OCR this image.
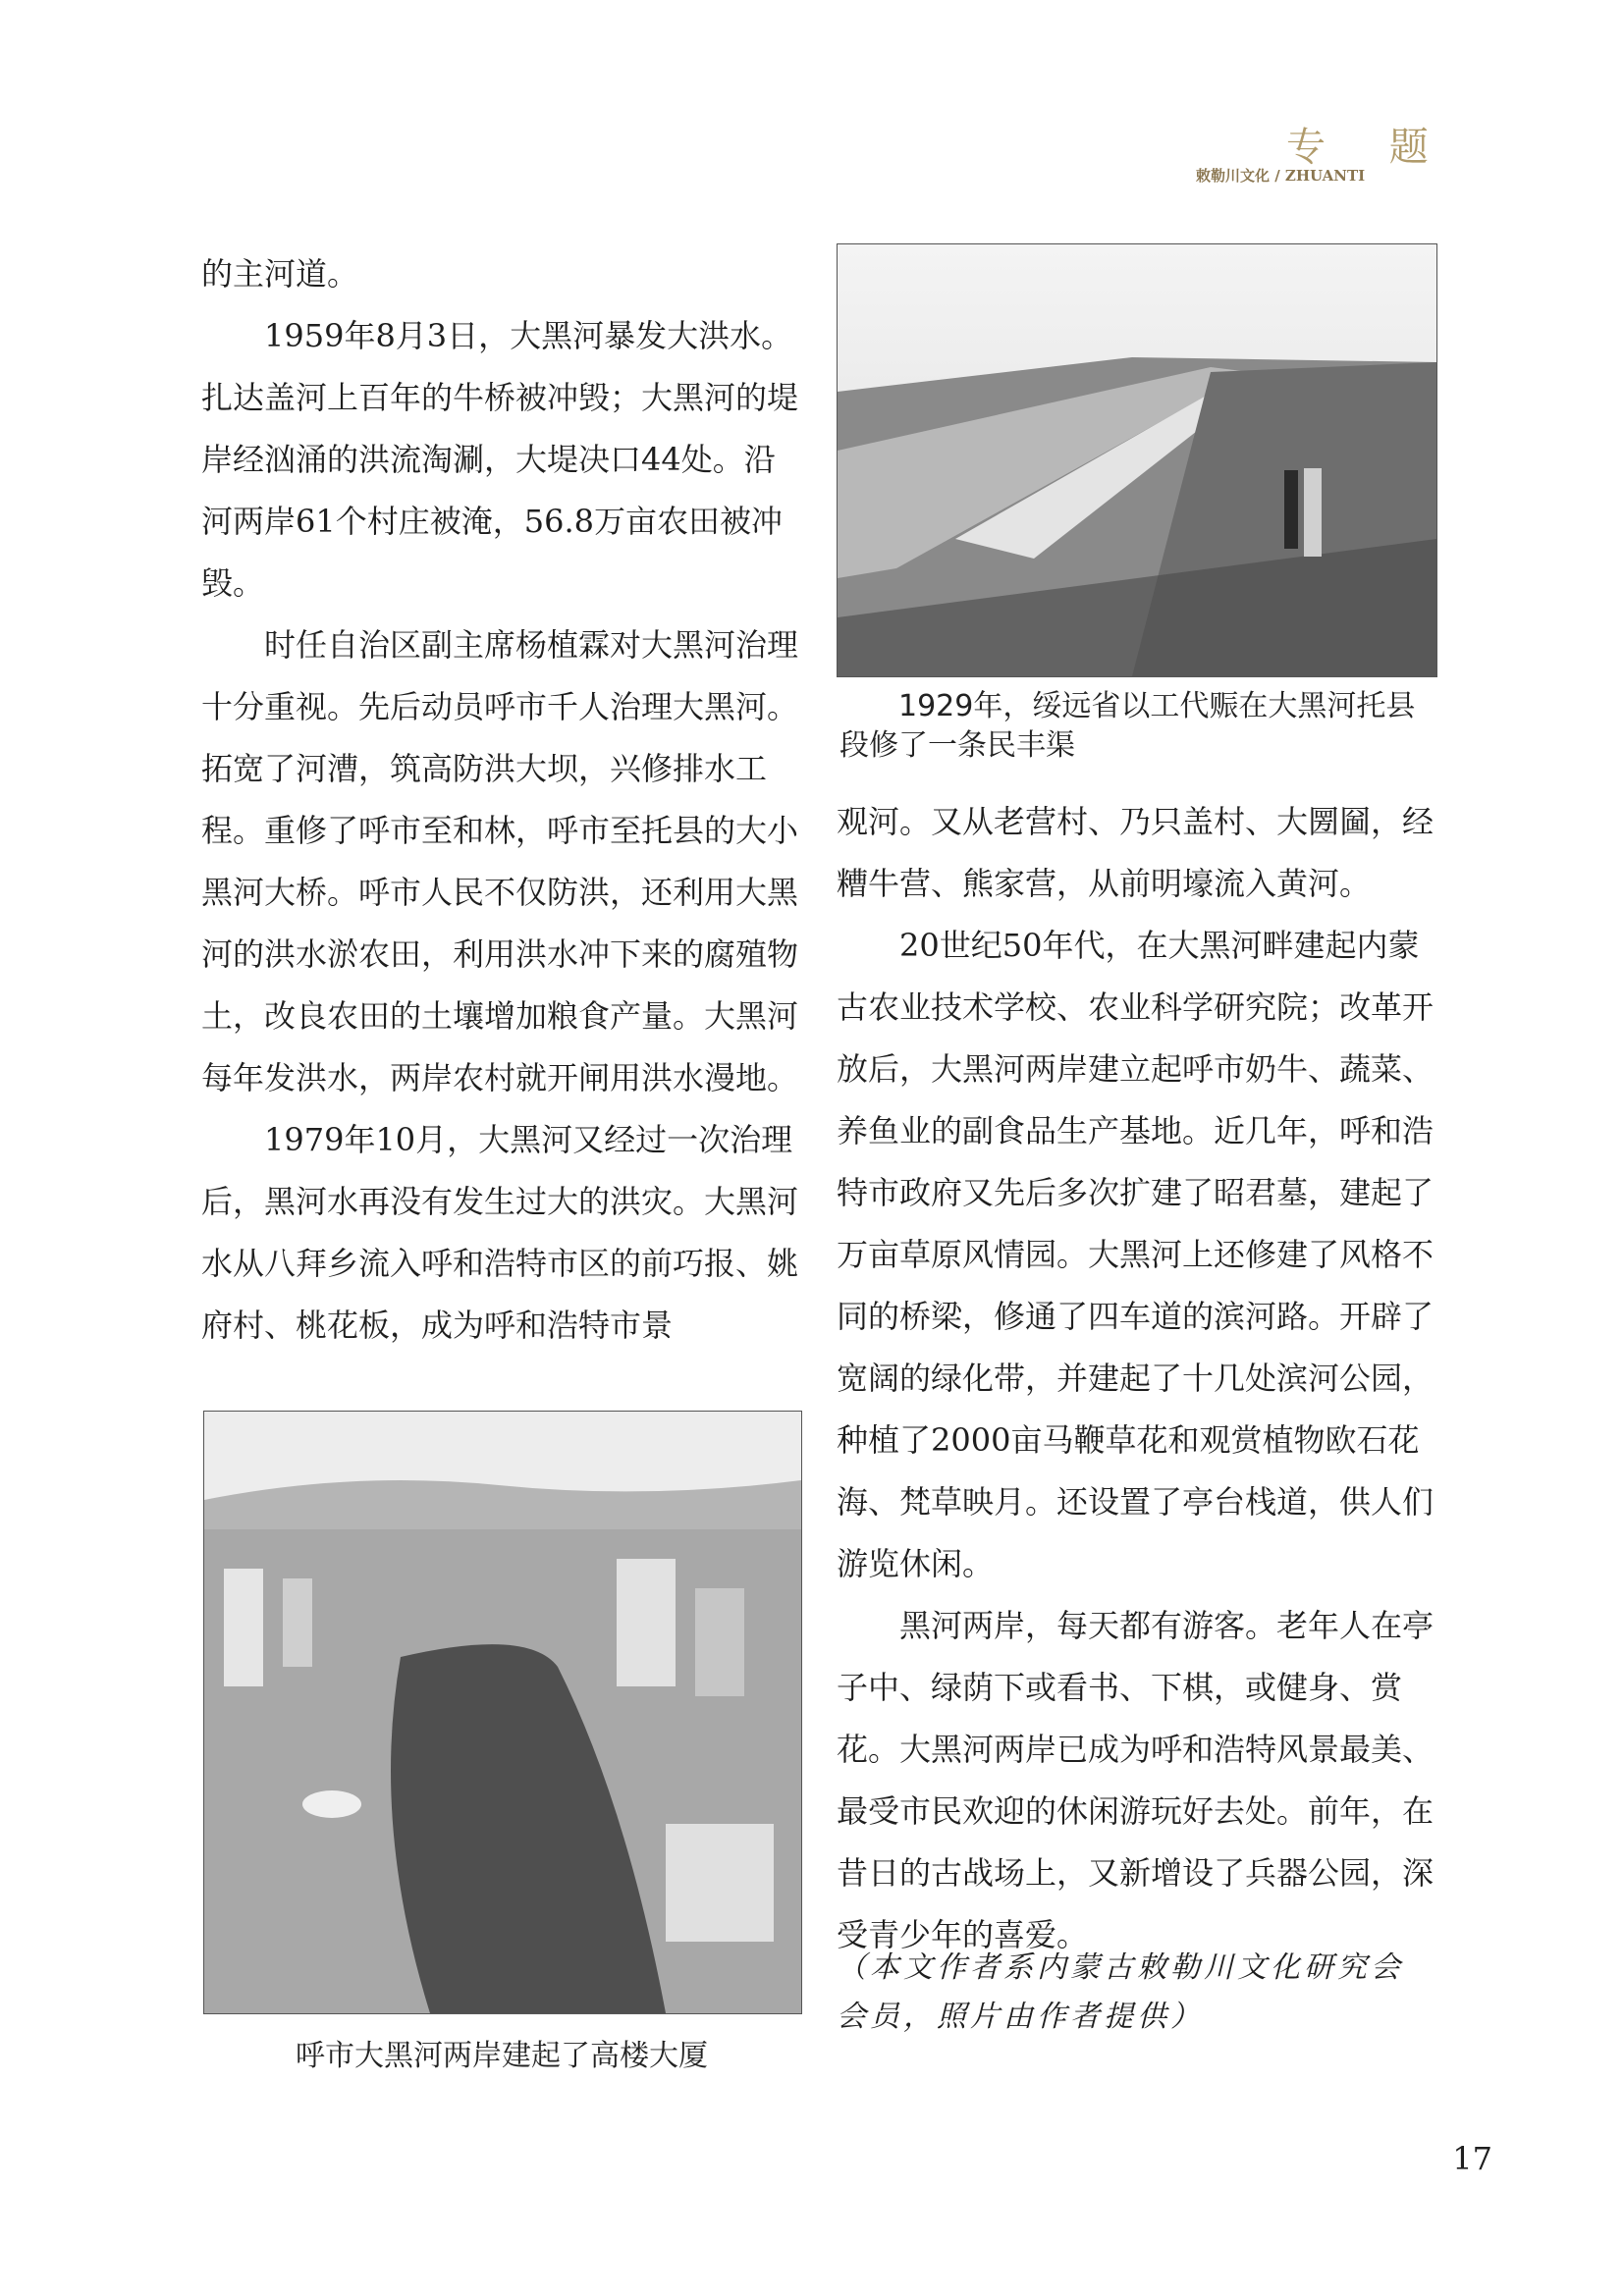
专 题
敕勒川文化 / ZHUANTI

的主河道。

1959年8月3日，大黑河暴发大洪水。扎达盖河上百年的牛桥被冲毁；大黑河的堤岸经汹涌的洪流淘涮，大堤决口44处。沿河两岸61个村庄被淹，56.8万亩农田被冲毁。

时任自治区副主席杨植霖对大黑河治理十分重视。先后动员呼市千人治理大黑河。拓宽了河漕，筑高防洪大坝，兴修排水工程。重修了呼市至和林，呼市至托县的大小黑河大桥。呼市人民不仅防洪，还利用大黑河的洪水淤农田，利用洪水冲下来的腐殖物土，改良农田的土壤增加粮食产量。大黑河每年发洪水，两岸农村就开闸用洪水漫地。

1979年10月，大黑河又经过一次治理后，黑河水再没有发生过大的洪灾。大黑河水从八拜乡流入呼和浩特市区的前巧报、姚府村、桃花板，成为呼和浩特市景

1929年，绥远省以工代赈在大黑河托县段修了一条民丰渠
呼市大黑河两岸建起了高楼大厦

观河。又从老营村、乃只盖村、大圐圙，经糟牛营、熊家营，从前明壕流入黄河。

20世纪50年代，在大黑河畔建起内蒙古农业技术学校、农业科学研究院；改革开放后，大黑河两岸建立起呼市奶牛、蔬菜、养鱼业的副食品生产基地。近几年，呼和浩特市政府又先后多次扩建了昭君墓，建起了万亩草原风情园。大黑河上还修建了风格不同的桥梁，修通了四车道的滨河路。开辟了宽阔的绿化带，并建起了十几处滨河公园，种植了2000亩马鞭草花和观赏植物欧石花海、梵草映月。还设置了亭台栈道，供人们游览休闲。

黑河两岸，每天都有游客。老年人在亭子中、绿荫下或看书、下棋，或健身、赏花。大黑河两岸已成为呼和浩特风景最美、最受市民欢迎的休闲游玩好去处。前年，在昔日的古战场上，又新增设了兵器公园，深受青少年的喜爱。

（本文作者系内蒙古敕勒川文化研究会会员，照片由作者提供）
17
